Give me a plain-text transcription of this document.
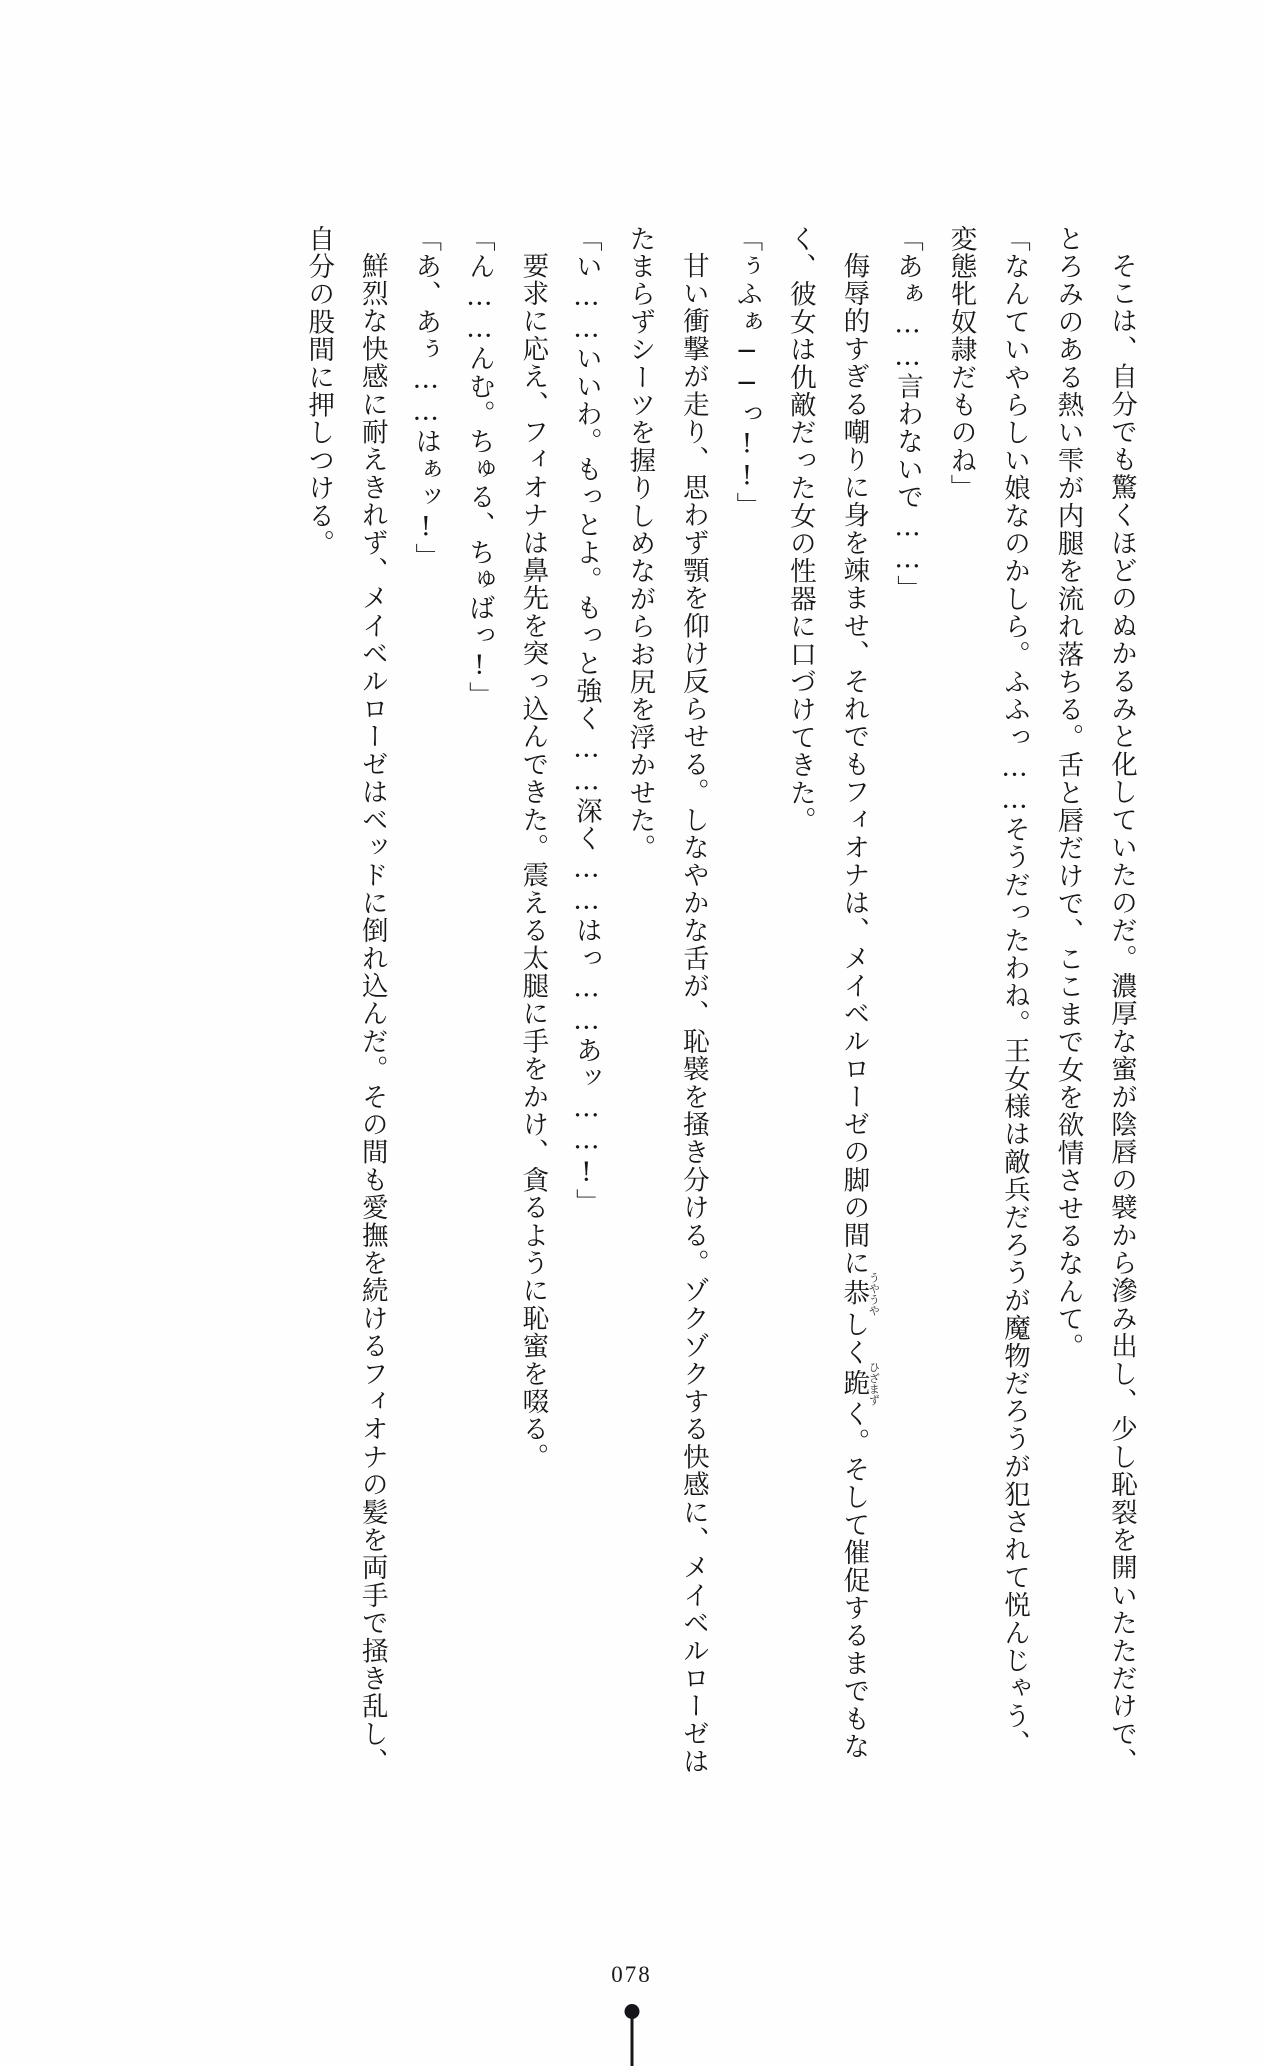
そこは、自分でも驚くほどのぬかるみと化していたのだ。濃厚な蜜が陰唇の襞から滲み出し、少し恥裂を開いたただけで、とろみのある熱い雫が内腿を流れ落ちる。舌と唇だけで、ここまで女を欲情させるなんて。

「なんていやらしい娘なのかしら。ふふっ……そうだったわね。王女様は敵兵だろうが魔物だろうが犯されて悦んじゃう、変態牝奴隷だものね」

「あぁ……言わないで……」

侮辱的すぎる嘲りに身を竦ませ、それでもフィオナは、メイベルローゼの脚の間に恭うやうやしく跪ひざまずく。そして催促するまでもなく、彼女は仇敵だった女の性器に口づけてきた。

「ぅふぁ──っ!!」

甘い衝撃が走り、思わず顎を仰け反らせる。しなやかな舌が、恥襞を掻き分ける。ゾクゾクする快感に、メイベルローゼはたまらずシーツを握りしめながらお尻を浮かせた。

「い……いいわ。もっとよ。もっと強く……深く……はっ……あッ……!」

要求に応え、フィオナは鼻先を突っ込んできた。震える太腿に手をかけ、貪るように恥蜜を啜る。

「ん……んむ。ちゅる、ちゅばっ!」

「あ、あぅ……はぁッ!」

鮮烈な快感に耐えきれず、メイベルローゼはベッドに倒れ込んだ。その間も愛撫を続けるフィオナの髪を両手で掻き乱し、自分の股間に押しつける。

078
